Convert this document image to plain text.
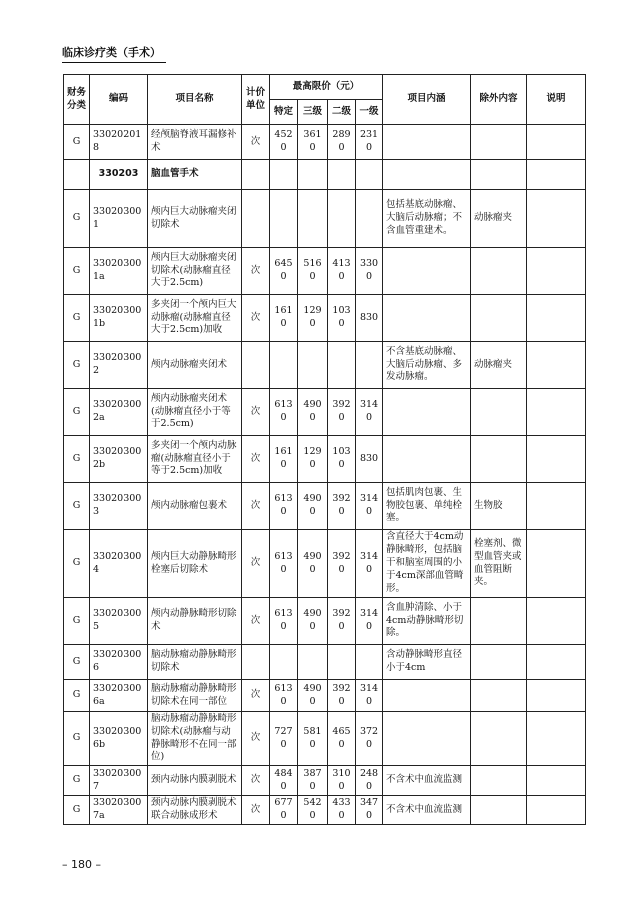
临床诊疗类（手术）
财务分类	编码	项目名称	计价单位	最高限价（元）				项目内涵	除外内容	说明
				特定	三级	二级	一级			
G	330202018	经颅脑脊液耳漏修补术	次	4520	3610	2890	2310			
	330203	脑血管手术								
G	330203001	颅内巨大动脉瘤夹闭切除术						包括基底动脉瘤、大脑后动脉瘤；不含血管重建术。	动脉瘤夹	
G	330203001a	颅内巨大动脉瘤夹闭切除术(动脉瘤直径大于2.5cm)	次	6450	5160	4130	3300			
G	330203001b	多夹闭一个颅内巨大动脉瘤(动脉瘤直径大于2.5cm)加收	次	1610	1290	1030	830			
G	330203002	颅内动脉瘤夹闭术						不含基底动脉瘤、大脑后动脉瘤、多发动脉瘤。	动脉瘤夹	
G	330203002a	颅内动脉瘤夹闭术(动脉瘤直径小于等于2.5cm)	次	6130	4900	3920	3140			
G	330203002b	多夹闭一个颅内动脉瘤(动脉瘤直径小于等于2.5cm)加收	次	1610	1290	1030	830			
G	330203003	颅内动脉瘤包裹术	次	6130	4900	3920	3140	包括肌肉包裹、生物胶包裹、单纯栓塞。	生物胶	
G	330203004	颅内巨大动静脉畸形栓塞后切除术	次	6130	4900	3920	3140	含直径大于4cm动静脉畸形，包括脑干和脑室周围的小于4cm深部血管畸形。	栓塞剂、微型血管夹或血管阻断夹。	
G	330203005	颅内动静脉畸形切除术	次	6130	4900	3920	3140	含血肿清除、小于4cm动静脉畸形切除。		
G	330203006	脑动脉瘤动静脉畸形切除术						含动静脉畸形直径小于4cm		
G	330203006a	脑动脉瘤动静脉畸形切除术在同一部位	次	6130	4900	3920	3140			
G	330203006b	脑动脉瘤动静脉畸形切除术(动脉瘤与动静脉畸形不在同一部位)	次	7270	5810	4650	3720			
G	330203007	颈内动脉内膜剥脱术	次	4840	3870	3100	2480	不含术中血流监测		
G	330203007a	颈内动脉内膜剥脱术联合动脉成形术	次	6770	5420	4330	3470	不含术中血流监测		
– 180 –
